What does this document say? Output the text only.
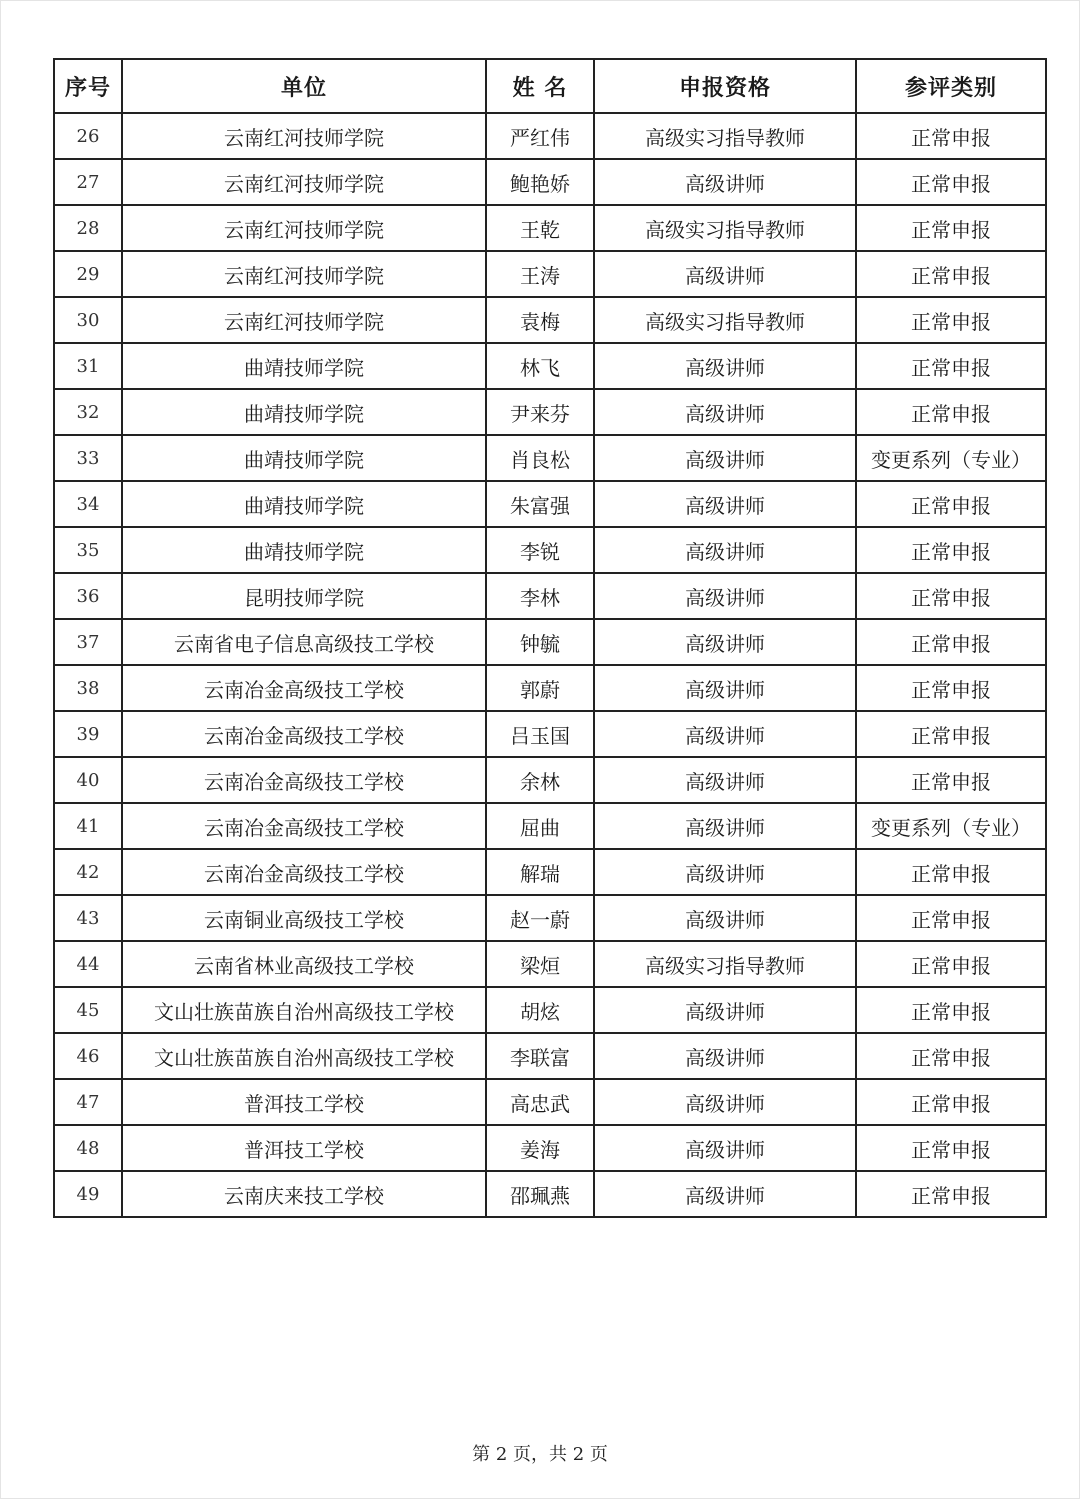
序号	单位	姓 名	申报资格	参评类别
26	云南红河技师学院	严红伟	高级实习指导教师	正常申报
27	云南红河技师学院	鲍艳娇	高级讲师	正常申报
28	云南红河技师学院	王乾	高级实习指导教师	正常申报
29	云南红河技师学院	王涛	高级讲师	正常申报
30	云南红河技师学院	袁梅	高级实习指导教师	正常申报
31	曲靖技师学院	林飞	高级讲师	正常申报
32	曲靖技师学院	尹来芬	高级讲师	正常申报
33	曲靖技师学院	肖良松	高级讲师	变更系列（专业）
34	曲靖技师学院	朱富强	高级讲师	正常申报
35	曲靖技师学院	李锐	高级讲师	正常申报
36	昆明技师学院	李林	高级讲师	正常申报
37	云南省电子信息高级技工学校	钟毓	高级讲师	正常申报
38	云南冶金高级技工学校	郭蔚	高级讲师	正常申报
39	云南冶金高级技工学校	吕玉国	高级讲师	正常申报
40	云南冶金高级技工学校	余林	高级讲师	正常申报
41	云南冶金高级技工学校	屈曲	高级讲师	变更系列（专业）
42	云南冶金高级技工学校	解瑞	高级讲师	正常申报
43	云南铜业高级技工学校	赵一蔚	高级讲师	正常申报
44	云南省林业高级技工学校	梁烜	高级实习指导教师	正常申报
45	文山壮族苗族自治州高级技工学校	胡炫	高级讲师	正常申报
46	文山壮族苗族自治州高级技工学校	李联富	高级讲师	正常申报
47	普洱技工学校	高忠武	高级讲师	正常申报
48	普洱技工学校	姜海	高级讲师	正常申报
49	云南庆来技工学校	邵珮燕	高级讲师	正常申报
第 2 页，共 2 页
